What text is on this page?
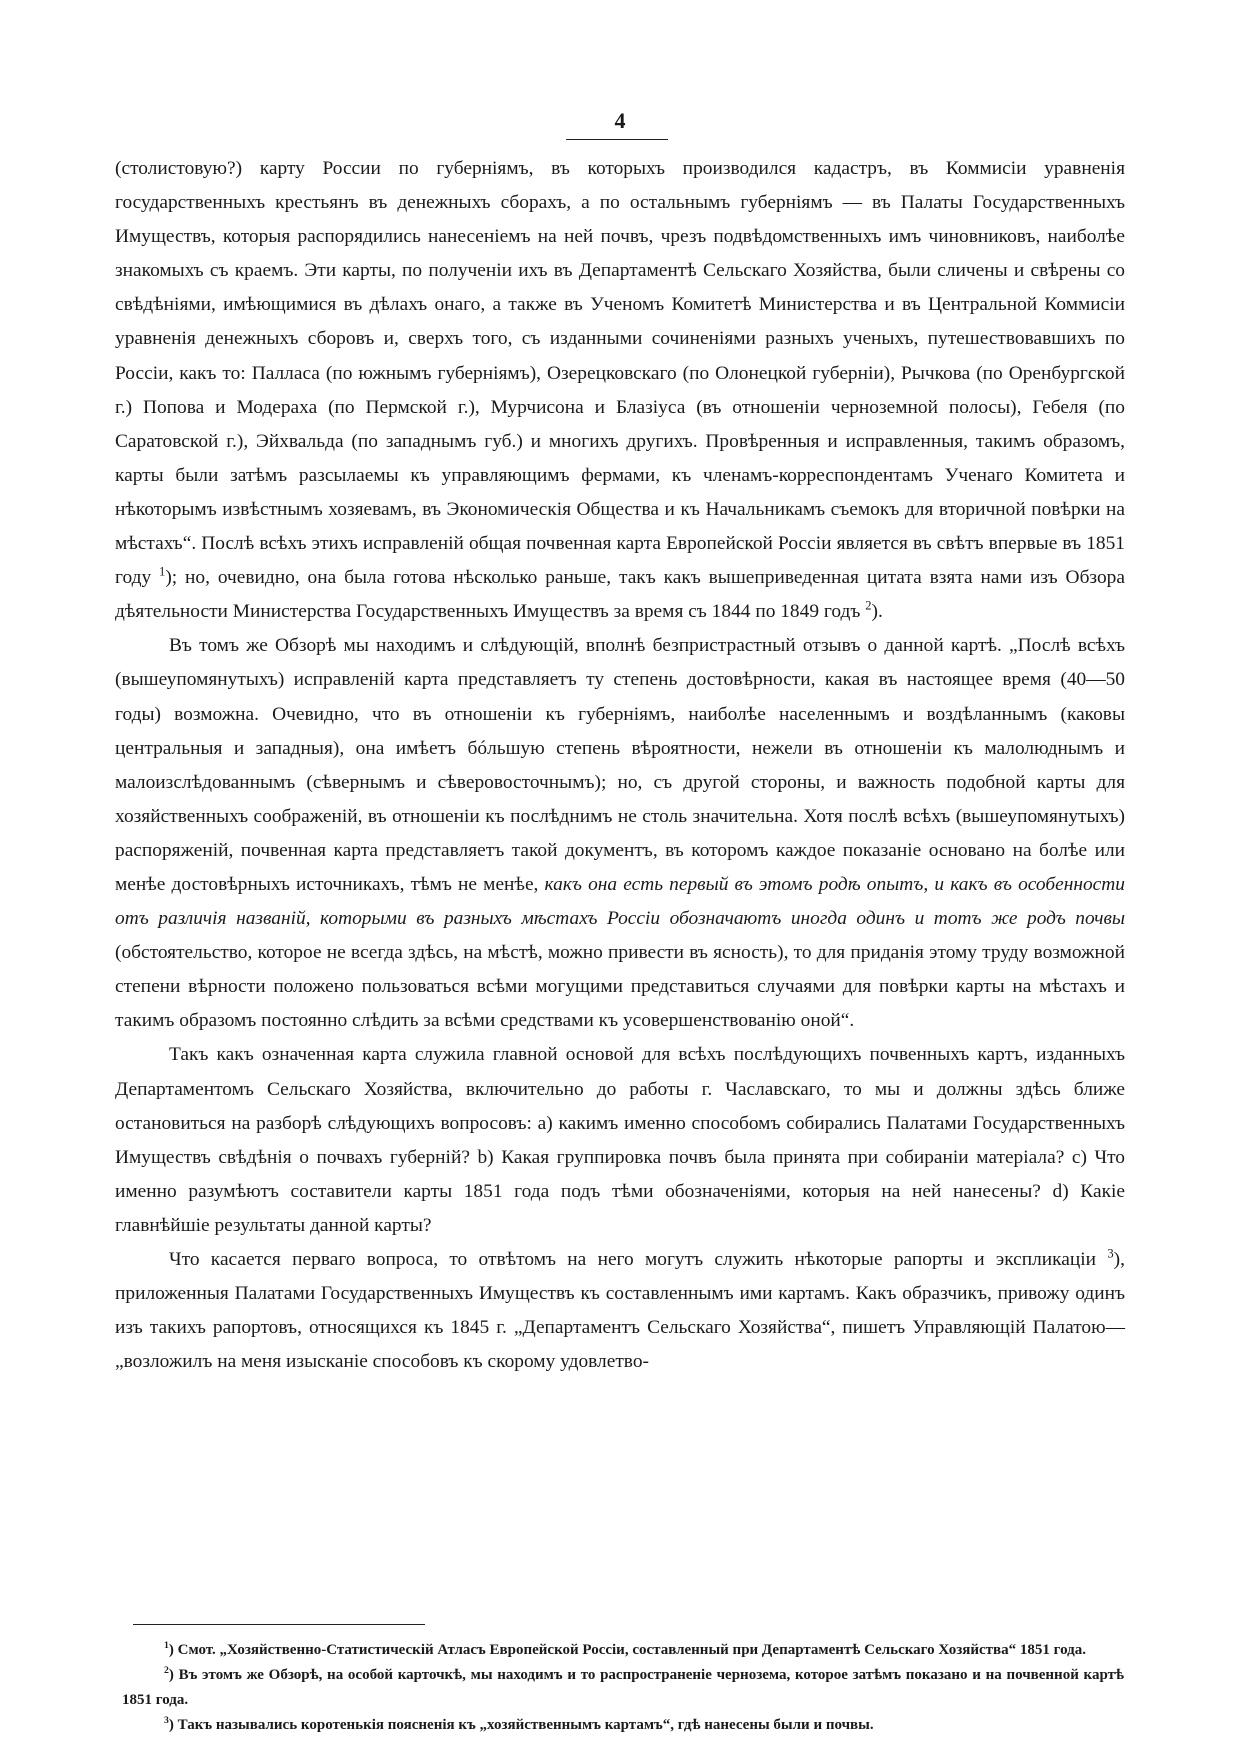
4

(столистовую?) карту России по губерніямъ, въ которыхъ производился кадастръ, въ Коммисіи уравненія государственныхъ крестьянъ въ денежныхъ сборахъ, а по остальнымъ губерніямъ — въ Палаты Государственныхъ Имуществъ, которыя распорядились нанесеніемъ на ней почвъ, чрезъ подвѣдомственныхъ имъ чиновниковъ, наиболѣе знакомыхъ съ краемъ. Эти карты, по полученіи ихъ въ Департаментѣ Сельскаго Хозяйства, были сличены и свѣрены со свѣдѣніями, имѣющимися въ дѣлахъ онаго, а также въ Ученомъ Комитетѣ Министерства и въ Центральной Коммисіи уравненія денежныхъ сборовъ и, сверхъ того, съ изданными сочиненіями разныхъ ученыхъ, путешествовавшихъ по Россіи, какъ то: Палласа (по южнымъ губерніямъ), Озерецковскаго (по Олонецкой губерніи), Рычкова (по Оренбургской г.) Попова и Модераха (по Пермской г.), Мурчисона и Блазіуса (въ отношеніи черноземной полосы), Гебеля (по Саратовской г.), Эйхвальда (по западнымъ губ.) и многихъ другихъ. Провѣренныя и исправленныя, такимъ образомъ, карты были затѣмъ разсылаемы къ управляющимъ фермами, къ членамъ-корреспондентамъ Ученаго Комитета и нѣкоторымъ извѣстнымъ хозяевамъ, въ Экономическія Общества и къ Начальникамъ съемокъ для вторичной повѣрки на мѣстахъ“. Послѣ всѣхъ этихъ исправленій общая почвенная карта Европейской Россіи является въ свѣтъ впервые въ 1851 году $^1$); но, очевидно, она была готова нѣсколько раньше, такъ какъ вышеприведенная цитата взята нами изъ Обзора дѣятельности Министерства Государственныхъ Имуществъ за время съ 1844 по 1849 годъ $^2$).

Въ томъ же Обзорѣ мы находимъ и слѣдующій, вполнѣ безпристрастный отзывъ о данной картѣ. „Послѣ всѣхъ (вышеупомянутыхъ) исправленій карта представляетъ ту степень достовѣрности, какая въ настоящее время (40—50 годы) возможна. Очевидно, что въ отношеніи къ губерніямъ, наиболѣе населеннымъ и воздѣланнымъ (каковы центральныя и западныя), она имѣетъ бóльшую степень вѣроятности, нежели въ отношеніи къ малолюднымъ и малоизслѣдованнымъ (сѣвернымъ и сѣверовосточнымъ); но, съ другой стороны, и важность подобной карты для хозяйственныхъ соображеній, въ отношеніи къ послѣднимъ не столь значительна. Хотя послѣ всѣхъ (вышеупомянутыхъ) распоряженій, почвенная карта представляетъ такой документъ, въ которомъ каждое показаніе основано на болѣе или менѣе достовѣрныхъ источникахъ, тѣмъ не менѣе, какъ она есть первый въ этомъ родѣ опытъ, и какъ въ особенности отъ различія названій, которыми въ разныхъ мѣстахъ Россіи обозначаютъ иногда одинъ и тотъ же родъ почвы (обстоятельство, которое не всегда здѣсь, на мѣстѣ, можно привести въ ясность), то для приданія этому труду возможной степени вѣрности положено пользоваться всѣми могущими представиться случаями для повѣрки карты на мѣстахъ и такимъ образомъ постоянно слѣдить за всѣми средствами къ усовершенствованію оной“.

Такъ какъ означенная карта служила главной основой для всѣхъ послѣдующихъ почвенныхъ картъ, изданныхъ Департаментомъ Сельскаго Хозяйства, включительно до работы г. Чаславскаго, то мы и должны здѣсь ближе остановиться на разборѣ слѣдующихъ вопросовъ: a) какимъ именно способомъ собирались Палатами Государственныхъ Имуществъ свѣдѣнія о почвахъ губерній? b) Какая группировка почвъ была принята при собираніи матеріала? c) Что именно разумѣютъ составители карты 1851 года подъ тѣми обозначеніями, которыя на ней нанесены? d) Какіе главнѣйшіе результаты данной карты?

Что касается перваго вопроса, то отвѣтомъ на него могутъ служить нѣкоторые рапорты и экспликаціи $^3$), приложенныя Палатами Государственныхъ Имуществъ къ составленнымъ ими картамъ. Какъ образчикъ, привожу одинъ изъ такихъ рапортовъ, относящихся къ 1845 г. „Департаментъ Сельскаго Хозяйства“, пишетъ Управляющій Палатою—„возложилъ на меня изысканіе способовъ къ скорому удовлетво-

$^1$) Смот. „Хозяйственно-Статистическій Атласъ Европейской Россіи, составленный при Департаментѣ Сельскаго Хозяйства“ 1851 года.

$^2$) Въ этомъ же Обзорѣ, на особой карточкѣ, мы находимъ и то распространеніе чернозема, которое затѣмъ показано и на почвенной картѣ 1851 года.

$^3$) Такъ назывались коротенькія поясненія къ „хозяйственнымъ картамъ“, гдѣ нанесены были и почвы.
